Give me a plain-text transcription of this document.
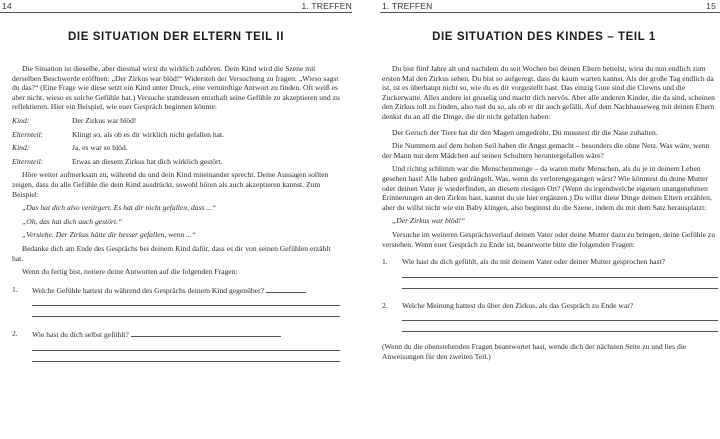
14	1. TREFFEN
DIE SITUATION DER ELTERN TEIL II

Die Situation ist dieselbe, aber diesmal wirst du wirklich zuhören. Dein Kind wird die Szene mit derselben Beschwerde eröffnen: „Der Zirkus war blöd!“ Widersteh der Versuchung zu fragen: „Wieso sagst du das?“ (Eine Frage wie diese setzt ein Kind unter Druck, eine vernünftige Antwort zu finden. Oft weiß es aber nicht, wieso es solche Gefühle hat.) Versuche stattdessen emsthaft seine Gefühle zu akzeptieren und zu reflektieren. Hier ein Beispiel, wie euer Gespräch beginnen könnte:

Kind:	Der Zirkus war blöd!
Elternteil:	Klingt so, als ob es dir wirklich nicht gefallen hat.
Kind:	Ja, es war so blöd.
Elternteil:	Etwas an diesem Zirkus hat dich wirklich gestört.

Höre weiter aufmerksam zu, während du und dein Kind miteinander sprecht. Deine Aussagen sollten zeigen, dass du alle Gefühle die dein Kind ausdrückt, sowohl hören als auch akzeptieren kannst. Zum Beispiel:

„Das hat dich also verärgert. Es hat dir nicht gefallen, dass ...“

„Oh, das hat dich auch gestört.“

„Verstehe. Der Zirkus hätte dir besser gefallen, wenn ...“

Bedanke dich am Ende des Gesprächs bei deinem Kind dafür, dass es dir von seinen Gefühlen erzählt hat.

Wenn du fertig bist, notiere deine Antworten auf die folgenden Fragen:

1.	Welche Gefühle hattest du während des Gesprächs deinem Kind gegenüber?
2.	Wie hast du dich selbst gefühlt?
1. TREFFEN	15
DIE SITUATION DES KINDES – TEIL 1

Du bist fünf Jahre alt und nachdem du seit Wochen bei deinen Eltern bettelst, wirst du nun endlich zum ersten Mal den Zirkus sehen. Du bist so aufgeregt, dass du kaum warten kannst. Als der große Tag endlich da ist, ist es überhaupt nicht so, wie du es dir vorgestellt hast. Das einzig Gute sind die Clowns und die Zuckerwatte. Alles andere ist gruselig und macht dich nervös. Aber alle anderen Kinder, die da sind, scheinen den Zirkus toll zu finden, also tust du so, als ob er dir auch gefällt. Auf dem Nachhauseweg mit deinen Eltern denkst du an all die Dinge, die dir nicht gefallen haben:

Der Geruch der Tiere hat dir den Magen umgedreht. Du musstest dir die Nase zuhalten.

Die Nummern auf dem hohen Seil haben dir Angst gemacht – besonders die ohne Netz. Was wäre, wenn der Mann mit dem Mädchen auf seinen Schultern heruntergefallen wäre?

Und richtig schlimm war die Menschenmenge – da waren mehr Menschen, als du je in deinem Leben gesehen hast! Alle haben gedrängelt. Was, wenn du verlorengegangen wärst? Wie könntest du deine Mutter oder deinen Vater je wiederfinden, an diesem riesigen Ort? (Wenn du irgendwelche eigenen unangenehmen Erinnerungen an den Zirkus hast, kannst du sie hier ergänzen.) Du willst diese Dinge deinen Eltern erzählen, aber du willst nicht wie ein Baby klingen, also beginnst du die Szene, indem du mit dem Satz herausplatzt:

„Der Zirkus war blöd!“

Versuche im weiteren Gesprächsverlauf deinen Vater oder deine Mutter dazu zu bringen, deine Gefühle zu verstehen. Wenn euer Gespräch zu Ende ist, beantworte bitte die folgenden Fragen:

1.	Wie hast du dich gefühlt, als du mit deinem Vater oder deiner Mutter gesprochen hast?
2.	Welche Meinung hattest du über den Zirkus, als das Gespräch zu Ende war?

(Wenn du die obenstehenden Fragen beantwortet hast, wende dich der nächsten Seite zu und lies die Anweisungen für den zweiten Teil.)
